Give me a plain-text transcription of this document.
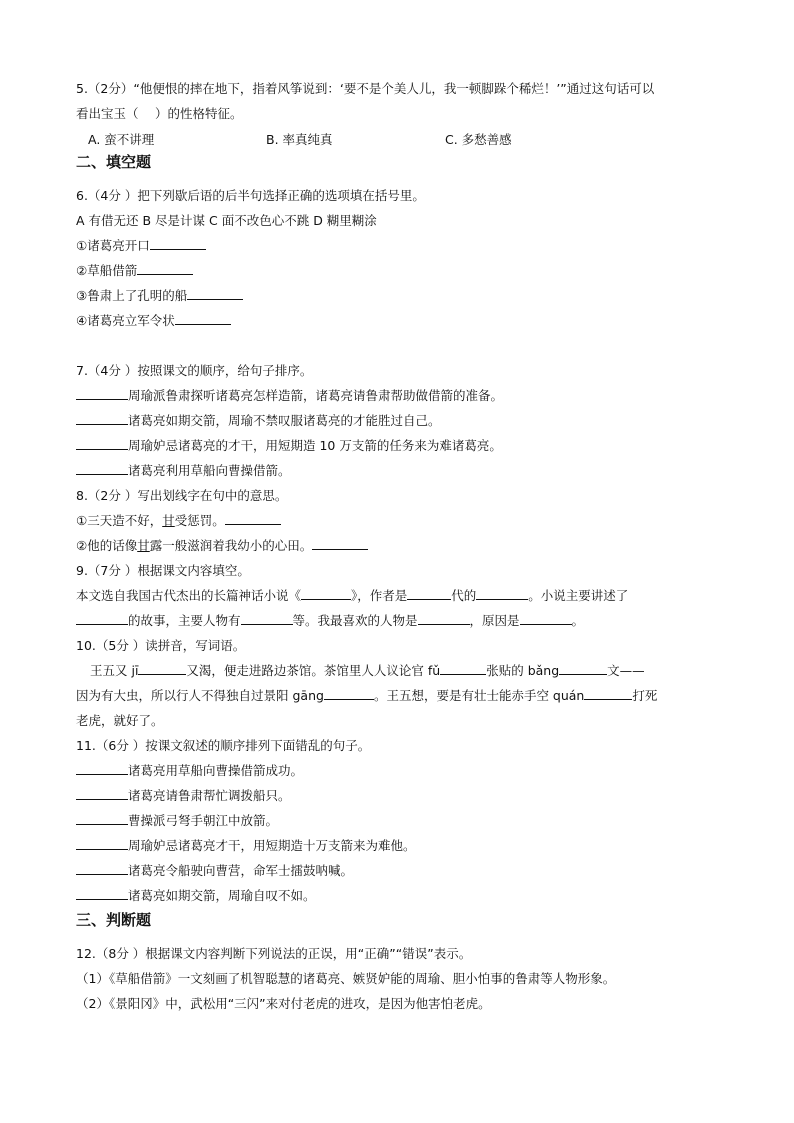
5.（2分）“他便恨的摔在地下，指着风筝说到：‘要不是个美人儿，我一顿脚跺个稀烂！’”通过这句话可以
看出宝玉（　 ）的性格特征。
A. 蛮不讲理	B. 率真纯真	C. 多愁善感
二、填空题
6.（4分 ）把下列歇后语的后半句选择正确的选项填在括号里。
A 有借无还 B 尽是计谋 C 面不改色心不跳 D 糊里糊涂
①诸葛亮开口
②草船借箭
③鲁肃上了孔明的船
④诸葛亮立军令状
7.（4分 ）按照课文的顺序，给句子排序。
周瑜派鲁肃探听诸葛亮怎样造箭，诸葛亮请鲁肃帮助做借箭的准备。
诸葛亮如期交箭，周瑜不禁叹服诸葛亮的才能胜过自己。
周瑜妒忌诸葛亮的才干，用短期造 10 万支箭的任务来为难诸葛亮。
诸葛亮利用草船向曹操借箭。
8.（2分 ）写出划线字在句中的意思。
①三天造不好，甘受惩罚。
②他的话像甘露一般滋润着我幼小的心田。
9.（7分 ）根据课文内容填空。
本文选自我国古代杰出的长篇神话小说《	》，作者是	代的	。小说主要讲述了
的故事，主要人物有	等。我最喜欢的人物是	，原因是	。
10.（5分 ）读拼音，写词语。
王五又 jī	又渴，便走进路边茶馆。茶馆里人人议论官 fǔ	张贴的 bǎng	文——
因为有大虫，所以行人不得独自过景阳 gāng	。王五想，要是有壮士能赤手空 quán	打死
老虎，就好了。
11.（6分 ）按课文叙述的顺序排列下面错乱的句子。
诸葛亮用草船向曹操借箭成功。
诸葛亮请鲁肃帮忙调拨船只。
曹操派弓弩手朝江中放箭。
周瑜妒忌诸葛亮才干，用短期造十万支箭来为难他。
诸葛亮令船驶向曹营，命军士擂鼓呐喊。
诸葛亮如期交箭，周瑜自叹不如。
三、判断题
12.（8分 ）根据课文内容判断下列说法的正误，用“正确”“错误”表示。
（1）《草船借箭》一文刻画了机智聪慧的诸葛亮、嫉贤妒能的周瑜、胆小怕事的鲁肃等人物形象。
（2）《景阳冈》中，武松用“三闪”来对付老虎的进攻，是因为他害怕老虎。
